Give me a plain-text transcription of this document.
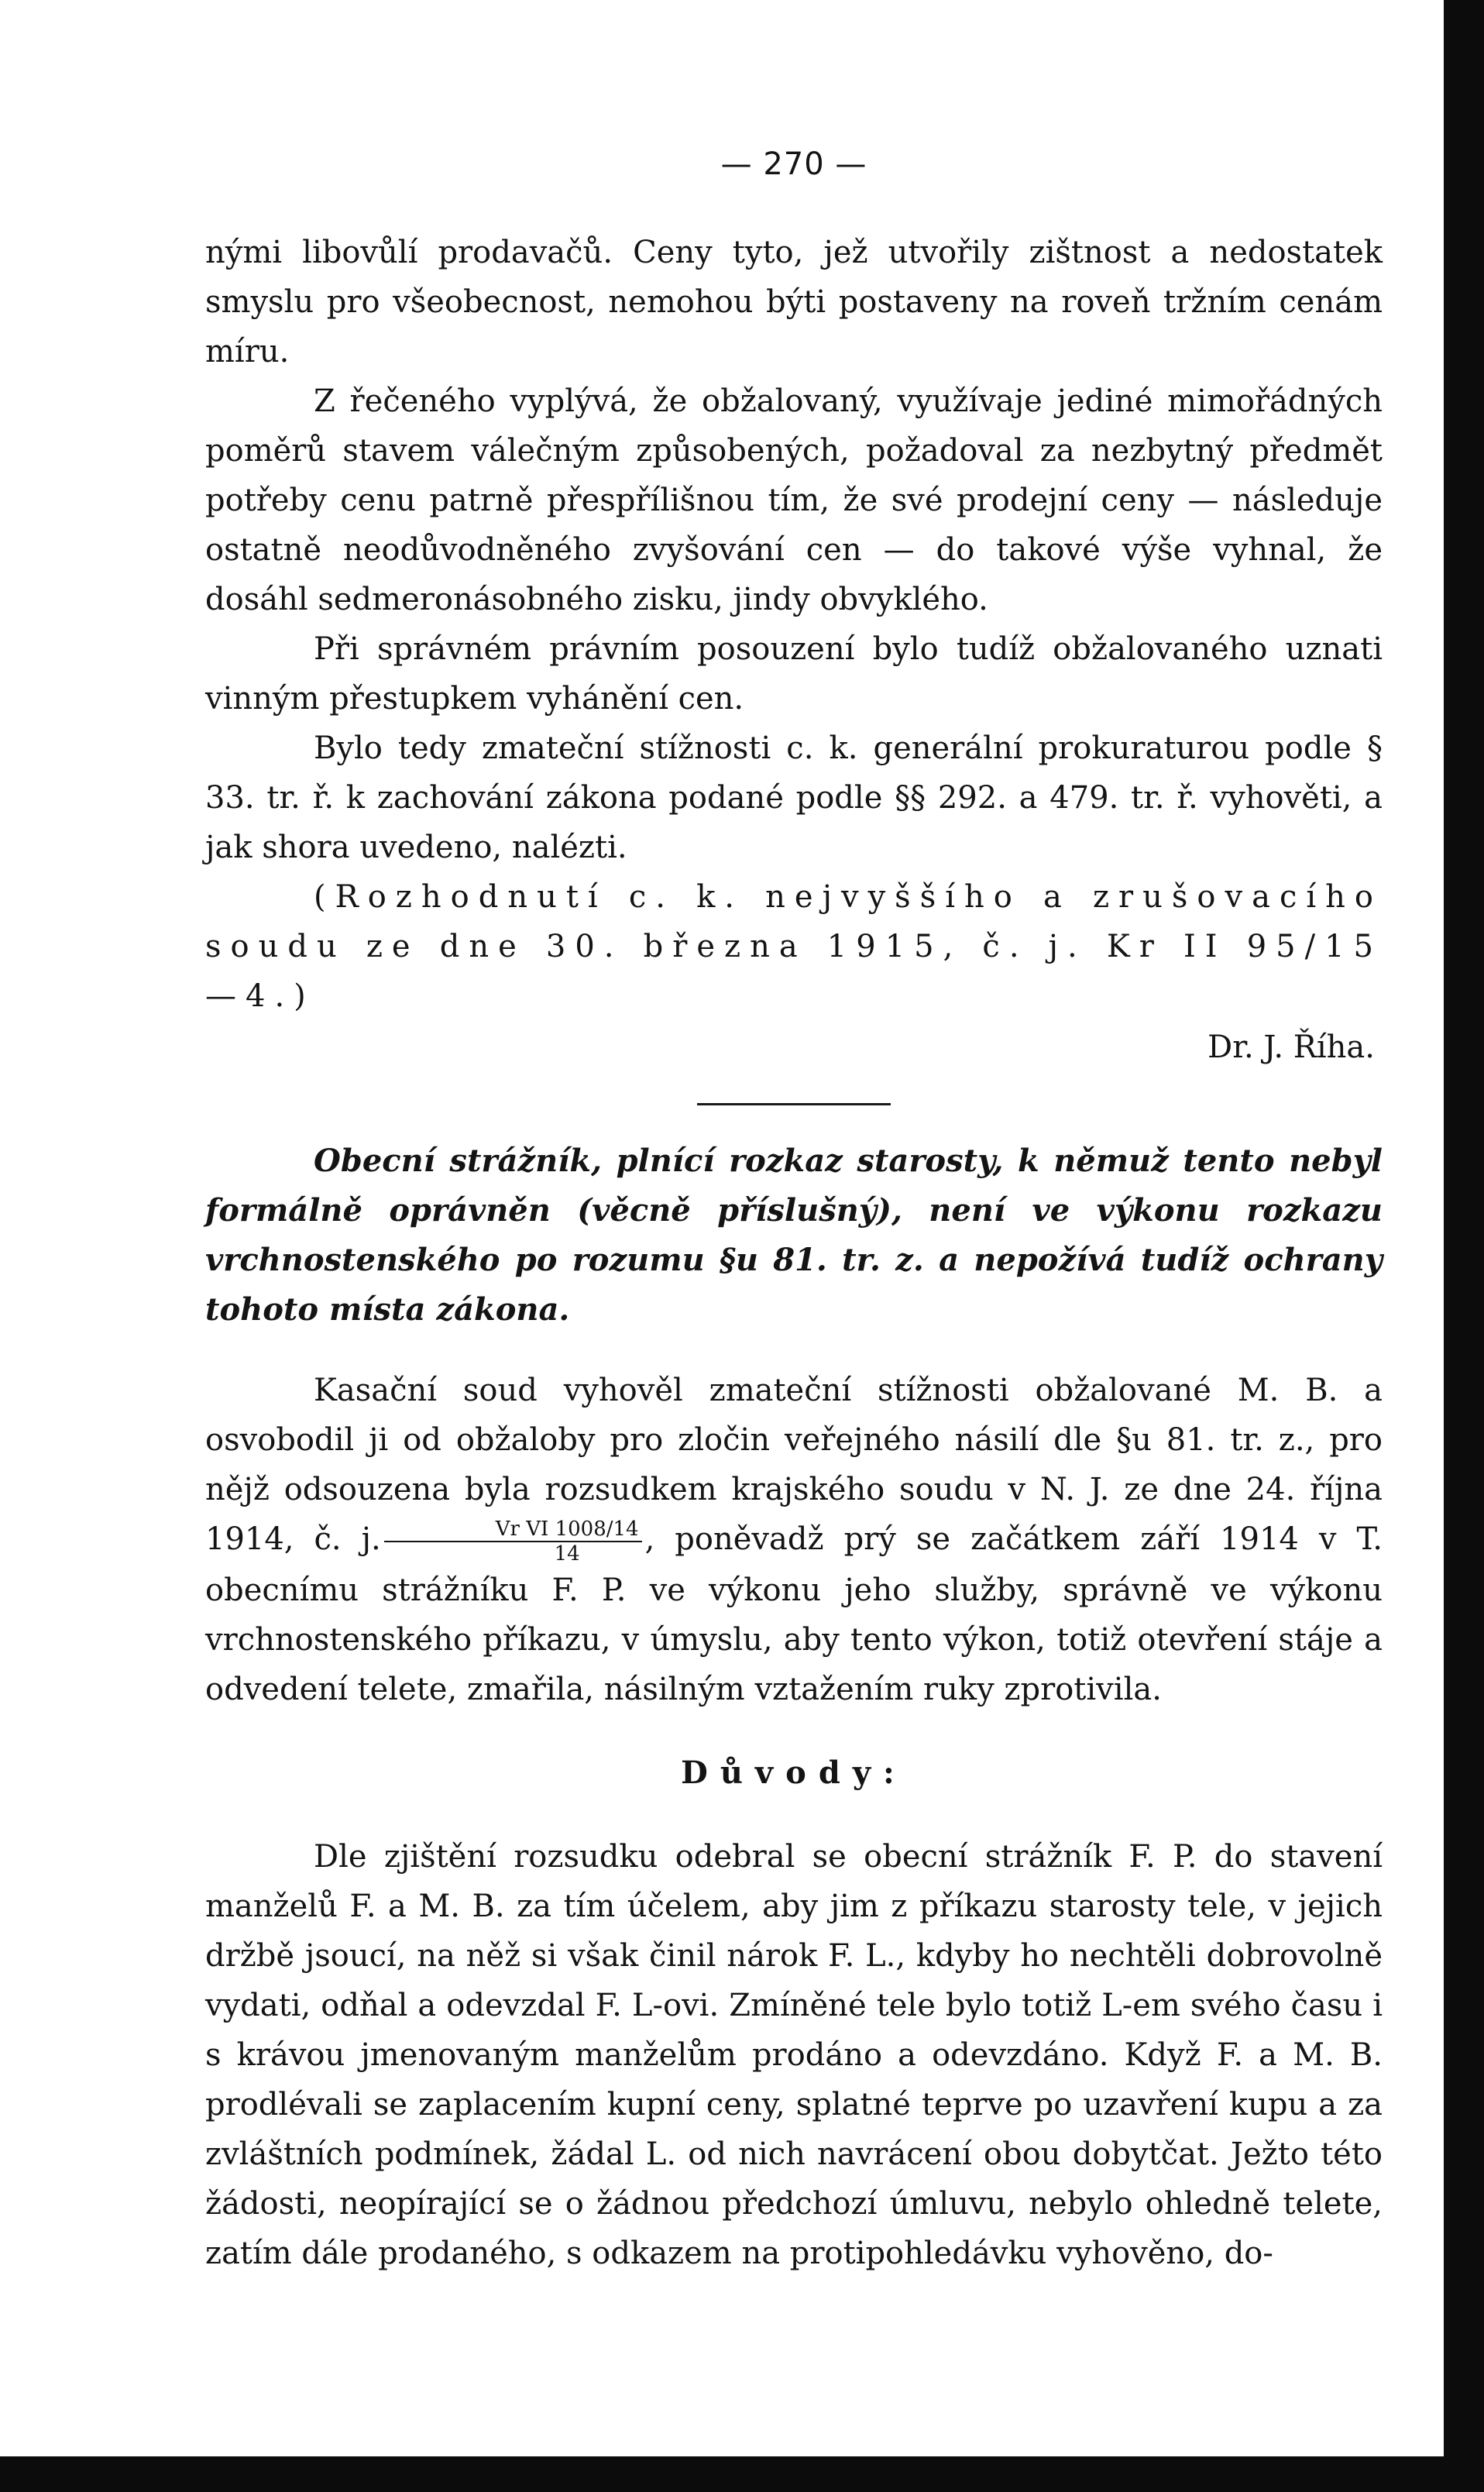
— 270 —

nými libovůlí prodavačů. Ceny tyto, jež utvořily zištnost a nedostatek smyslu pro všeobecnost, nemohou býti postaveny na roveň tržním cenám míru.

Z řečeného vyplývá, že obžalovaný, využívaje jediné mimořádných poměrů stavem válečným způsobených, požadoval za nezbytný předmět potřeby cenu patrně přespřílišnou tím, že své prodejní ceny — následuje ostatně neodůvodněného zvyšování cen — do takové výše vyhnal, že dosáhl sedmeronásobného zisku, jindy obvyklého.

Při správném právním posouzení bylo tudíž obžalovaného uznati vinným přestupkem vyhánění cen.

Bylo tedy zmateční stížnosti c. k. generální prokuraturou podle § 33. tr. ř. k zachování zákona podané podle §§ 292. a 479. tr. ř. vyhověti, a jak shora uvedeno, nalézti.

(Rozhodnutí c. k. nejvyššího a zrušovacího soudu ze dne 30. března 1915, č. j. Kr II 95/15—4.)

Dr. J. Říha.

Obecní strážník, plnící rozkaz starosty, k němuž tento nebyl formálně oprávněn (věcně příslušný), není ve výkonu rozkazu vrchnostenského po rozumu §u 81. tr. z. a nepožívá tudíž ochrany tohoto místa zákona.

Kasační soud vyhověl zmateční stížnosti obžalované M. B. a osvobodil ji od obžaloby pro zločin veřejného násilí dle §u 81. tr. z., pro nějž odsouzena byla rozsudkem krajského soudu v N. J. ze dne 24. října 1914, č. j. $\frac{\text{Vr VI 1008/14}}{14}$ , poněvadž prý se začátkem září 1914 v T. obecnímu strážníku F. P. ve výkonu jeho služby, správně ve výkonu vrchnostenského příkazu, v úmyslu, aby tento výkon, totiž otevření stáje a odvedení telete, zmařila, násilným vztažením ruky zprotivila.

Důvody:

Dle zjištění rozsudku odebral se obecní strážník F. P. do stavení manželů F. a M. B. za tím účelem, aby jim z příkazu starosty tele, v jejich držbě jsoucí, na něž si však činil nárok F. L., kdyby ho nechtěli dobrovolně vydati, odňal a odevzdal F. L-ovi. Zmíněné tele bylo totiž L-em svého času i s krávou jmenovaným manželům prodáno a odevzdáno. Když F. a M. B. prodlévali se zaplacením kupní ceny, splatné teprve po uzavření kupu a za zvláštních podmínek, žádal L. od nich navrácení obou dobytčat. Ježto této žádosti, neopírající se o žádnou předchozí úmluvu, nebylo ohledně telete, zatím dále prodaného, s odkazem na protipohledávku vyhověno, do-
